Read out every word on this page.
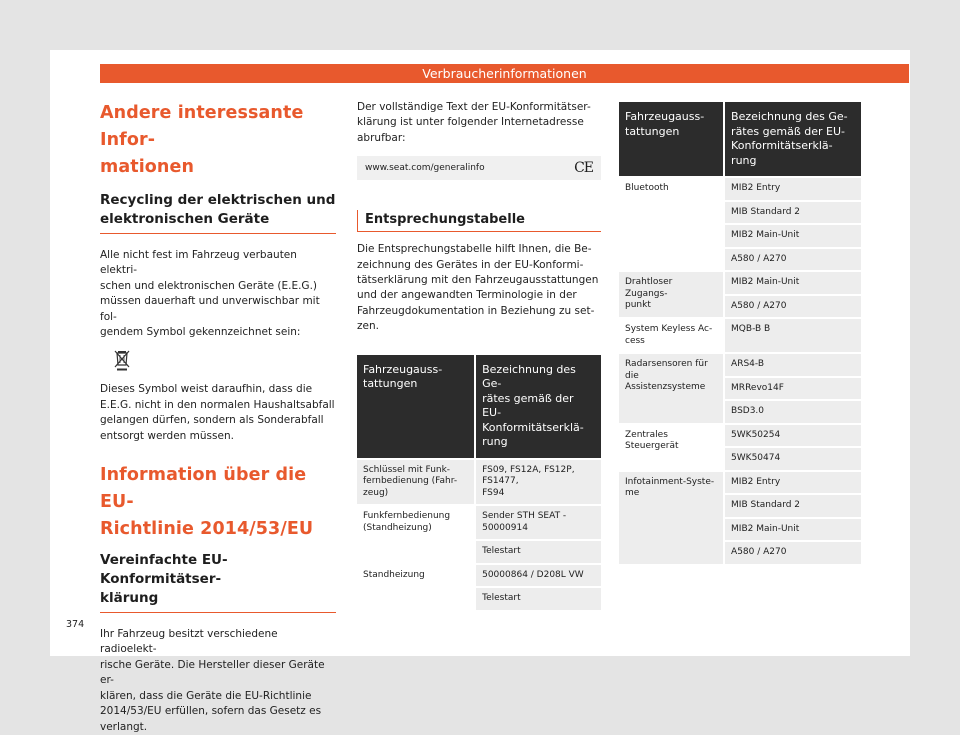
Verbraucherinformationen
Andere interessante Infor-
mationen
Recycling der elektrischen und
elektronischen Geräte

Alle nicht fest im Fahrzeug verbauten elektri-
schen und elektronischen Geräte (E.E.G.)
müssen dauerhaft und unverwischbar mit fol-
gendem Symbol gekennzeichnet sein:

Dieses Symbol weist daraufhin, dass die
E.E.G. nicht in den normalen Haushaltsabfall
gelangen dürfen, sondern als Sonderabfall
entsorgt werden müssen.

Information über die EU-
Richtlinie 2014/53/EU
Vereinfachte EU-Konformitätser-
klärung

Ihr Fahrzeug besitzt verschiedene radioelekt-
rische Geräte. Die Hersteller dieser Geräte er-
klären, dass die Geräte die EU-Richtlinie
2014/53/EU erfüllen, sofern das Gesetz es
verlangt.

Der vollständige Text der EU-Konformitätser-
klärung ist unter folgender Internetadresse
abrufbar:

www.seat.com/generalinfo	CE
Entsprechungstabelle

Die Entsprechungstabelle hilft Ihnen, die Be-
zeichnung des Gerätes in der EU-Konformi-
tätserklärung mit den Fahrzeugausstattungen
und der angewandten Terminologie in der
Fahrzeugdokumentation in Beziehung zu set-
zen.

Fahrzeugauss-
tattungen	Bezeichnung des Ge-
rätes gemäß der EU-
Konformitätserklä-
rung
Schlüssel mit Funk-
fernbedienung (Fahr-
zeug)	FS09, FS12A, FS12P, FS1477,
FS94
Funkfernbedienung
(Standheizung)	Sender STH SEAT -
50000914
	Telestart
Standheizung	50000864 / D208L VW
	Telestart
Fahrzeugauss-
tattungen	Bezeichnung des Ge-
rätes gemäß der EU-
Konformitätserklä-
rung
Bluetooth	MIB2 Entry
	MIB Standard 2
	MIB2 Main-Unit
	A580 / A270
Drahtloser Zugangs-
punkt	MIB2 Main-Unit
	A580 / A270
System Keyless Ac-
cess	MQB-B B
Radarsensoren für
die Assistenzsysteme	ARS4-B
	MRRevo14F
	BSD3.0
Zentrales Steuergerät	5WK50254
	5WK50474
Infotainment-Syste-
me	MIB2 Entry
	MIB Standard 2
	MIB2 Main-Unit
	A580 / A270
374
